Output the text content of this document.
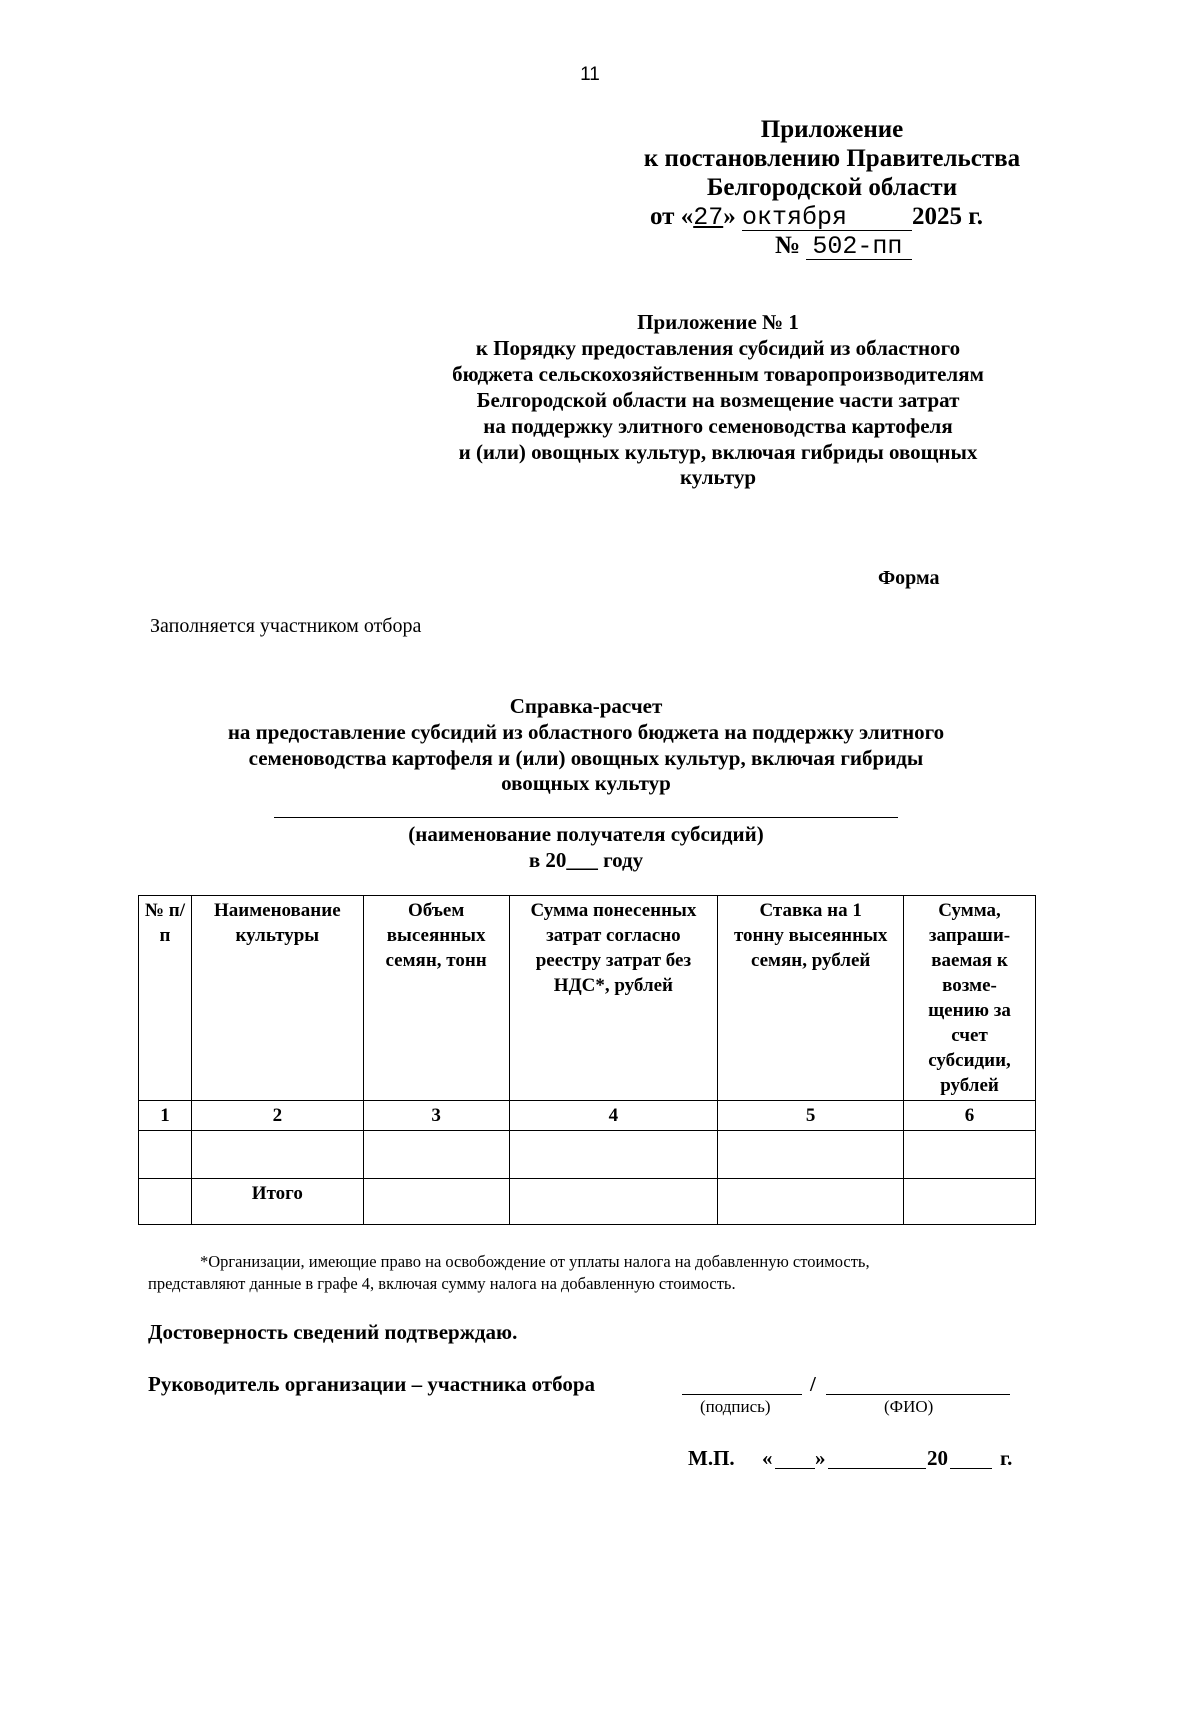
11
Приложение
к постановлению Правительства
Белгородской области
от «27» октября	2025 г.
№ 502-пп
Приложение № 1
к Порядку предоставления субсидий из областного
бюджета сельскохозяйственным товаропроизводителям
Белгородской области на возмещение части затрат
на поддержку элитного семеноводства картофеля
и (или) овощных культур, включая гибриды овощных
культур
Форма
Заполняется участником отбора
Справка-расчет
на предоставление субсидий из областного бюджета на поддержку элитного
семеноводства картофеля и (или) овощных культур, включая гибриды
овощных культур
(наименование получателя субсидий)
в 20___ году
№ п/п	Наименование культуры	Объем высеянных семян, тонн	Сумма понесенных затрат согласно реестру затрат без НДС*, рублей	Ставка на 1 тонну высеянных семян, рублей	Сумма, запраши-ваемая к возме-щению за счет субсидии, рублей
1	2	3	4	5	6

	Итого				
*Организации, имеющие право на освобождение от уплаты налога на добавленную стоимость,
представляют данные в графе 4, включая сумму налога на добавленную стоимость.
Достоверность сведений подтверждаю.
Руководитель организации – участника отбора	/
(подпись)	(ФИО)
М.П. « »	20 г.
